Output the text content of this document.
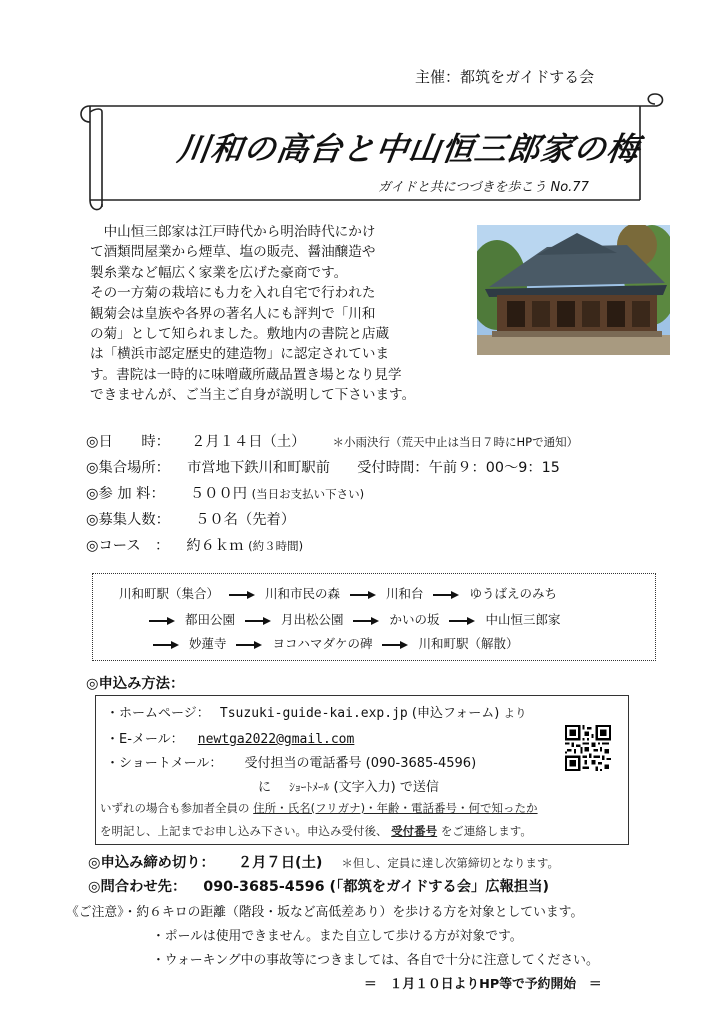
主催：都筑をガイドする会
川和の高台と中山恒三郎家の梅
ガイドと共につづきを歩こう No.77

　中山恒三郎家は江戸時代から明治時代にかけ

て酒類問屋業から煙草、塩の販売、醤油醸造や

製糸業など幅広く家業を広げた豪商です。

その一方菊の栽培にも力を入れ自宅で行われた

観菊会は皇族や各界の著名人にも評判で「川和

の菊」として知られました。敷地内の書院と店蔵

は「横浜市認定歴史的建造物」に認定されていま

す。書院は一時的に味噌蔵所蔵品置き場となり見学

できませんが、ご当主ご自身が説明して下さいます。

◎日　　時： ２月１４日（土） ＊小雨決行（荒天中止は当日７時にHPで通知）
◎集合場所： 市営地下鉄川和町駅前 受付時間：午前９：00～9：15
◎参 加 料： ５００円 (当日お支払い下さい)
◎募集人数： ５０名（先着）
◎コース　： 約６ｋｍ (約３時間)
川和町駅（集合）	川和市民の森	川和台	ゆうばえのみち
都田公園	月出松公園	かいの坂	中山恒三郎家
妙蓮寺	ヨコハマダケの碑	川和町駅（解散）
◎申込み方法：
・ホームページ： Tsuzuki-guide-kai.exp.jp (申込フォーム) より
・E-メール： newtga2022@gmail.com
・ショートメール： 受付担当の電話番号 (090-3685-4596)
に ｼｮｰﾄﾒｰﾙ (文字入力) で送信
いずれの場合も参加者全員の 住所・氏名(フリガナ)・年齢・電話番号・何で知ったか
を明記し、上記までお申し込み下さい。申込み受付後、 受付番号 をご連絡します。
◎申込み締め切り： ２月７日(土) ＊但し、定員に達し次第締切となります。
◎問合わせ先： 090-3685-4596 (「都筑をガイドする会」広報担当)
《ご注意》・約６キロの距離（階段・坂など高低差あり）を歩ける方を対象としています。
・ポールは使用できません。また自立して歩ける方が対象です。
・ウォーキング中の事故等につきましては、各自で十分に注意してください。
＝　１月１０日よりHP等で予約開始　＝
